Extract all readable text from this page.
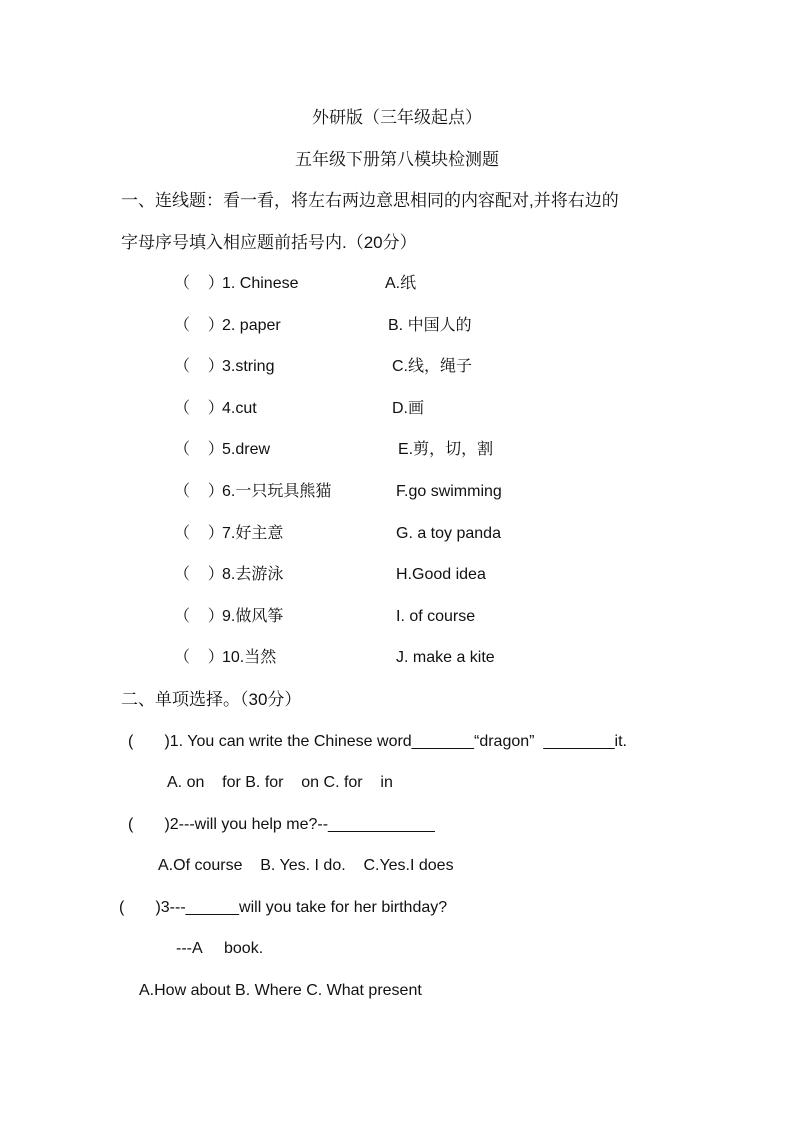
外研版（三年级起点）
五年级下册第八模块检测题
一、连线题：看一看，将左右两边意思相同的内容配对,并将右边的
字母序号填入相应题前括号内.（20分）
（    ）
1. Chinese	A.纸
（    ）
2. paper	B. 中国人的
（    ）
3.string	C.线，绳子
（    ）
4.cut	D.画
（    ）
5.drew	E.剪，切，割
（    ）
6.一只玩具熊猫	F.go swimming
（    ）
7.好主意	G. a toy panda
（    ）
8.去游泳	H.Good idea
（    ）
9.做风筝	I. of course
（    ）
10.当然	J. make a kite
二、单项选择。（30分）
(       )1. You can write the Chinese word_______“dragon”  ________it.
A. on    for B. for    on C. for    in
(       )2---will you help me?--____________
A.Of course    B. Yes. I do.    C.Yes.I does
(       )3---______will you take for her birthday?
---A     book.
A.How about B. Where C. What present
